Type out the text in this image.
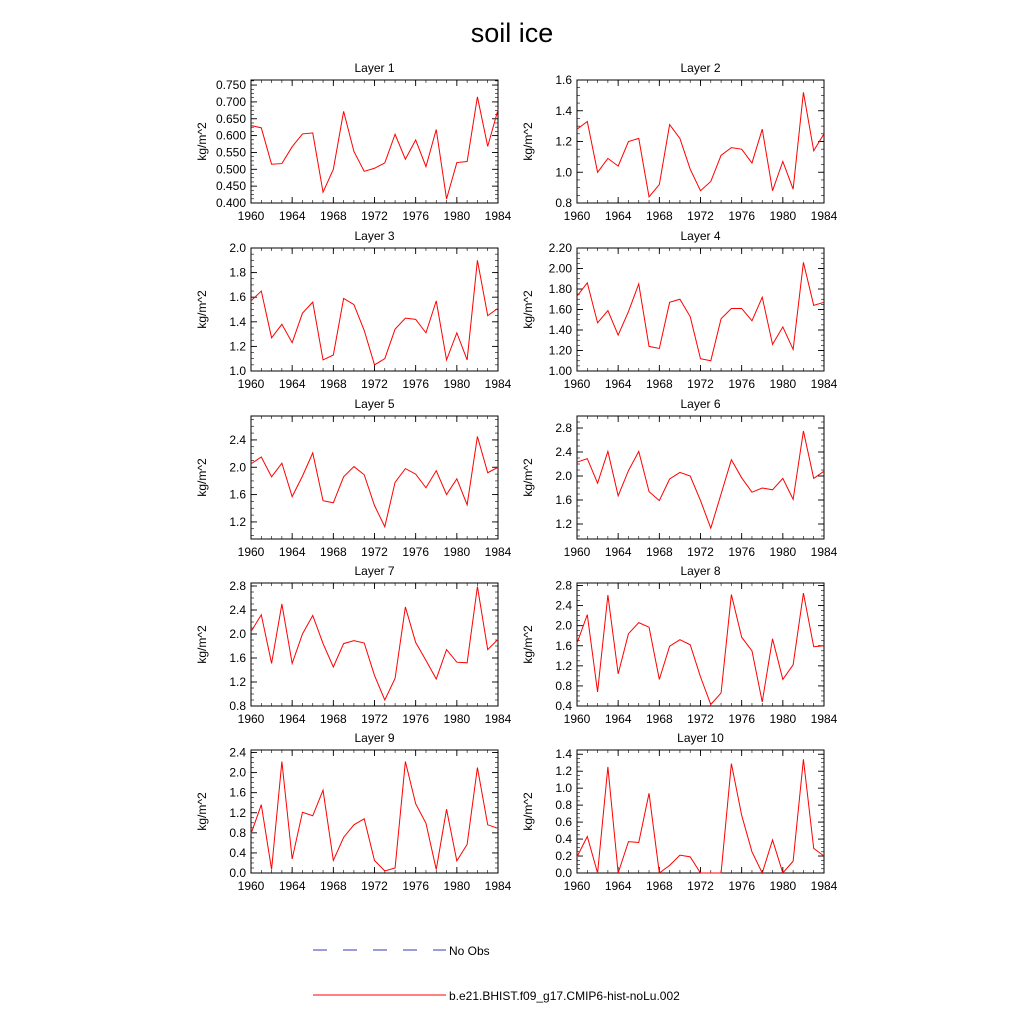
soil ice
1960 1964 1968 1972 1976 1980 1984
0.400
0.450
0.500
0.550
0.600
0.650
0.700
0.750
Layer 1
kg/m^2
1960 1964 1968 1972 1976 1980 1984
0.8
1.0
1.2
1.4
1.6
Layer 2
kg/m^2
1960 1964 1968 1972 1976 1980 1984
1.0
1.2
1.4
1.6
1.8
2.0
Layer 3
kg/m^2
1960 1964 1968 1972 1976 1980 1984
1.00
1.20
1.40
1.60
1.80
2.00
2.20
Layer 4
kg/m^2
1960 1964 1968 1972 1976 1980 1984
1.2
1.6
2.0
2.4
Layer 5
kg/m^2
1960 1964 1968 1972 1976 1980 1984
1.2
1.6
2.0
2.4
2.8
Layer 6
kg/m^2
1960 1964 1968 1972 1976 1980 1984
0.8
1.2
1.6
2.0
2.4
2.8
Layer 7
kg/m^2
1960 1964 1968 1972 1976 1980 1984
0.4
0.8
1.2
1.6
2.0
2.4
2.8
Layer 8
kg/m^2
1960 1964 1968 1972 1976 1980 1984
0.0
0.4
0.8
1.2
1.6
2.0
2.4
Layer 9
kg/m^2
1960 1964 1968 1972 1976 1980 1984
0.0
0.2
0.4
0.6
0.8
1.0
1.2
1.4
Layer 10
kg/m^2
No Obs
b.e21.BHIST.f09_g17.CMIP6-hist-noLu.002
